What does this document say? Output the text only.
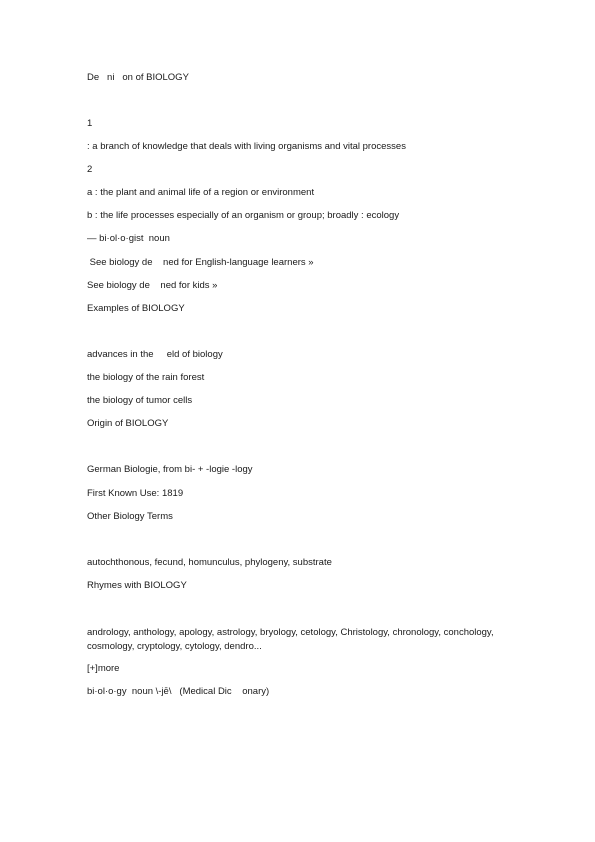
De   ni   on of BIOLOGY
1
: a branch of knowledge that deals with living organisms and vital processes
2
a : the plant and animal life of a region or environment
b : the life processes especially of an organism or group; broadly : ecology
— bi·ol·o·gist  noun
See biology de    ned for English-language learners »
See biology de    ned for kids »
Examples of BIOLOGY
advances in the     eld of biology
the biology of the rain forest
the biology of tumor cells
Origin of BIOLOGY
German Biologie, from bi- + -logie -logy
First Known Use: 1819
Other Biology Terms
autochthonous, fecund, homunculus, phylogeny, substrate
Rhymes with BIOLOGY
andrology, anthology, apology, astrology, bryology, cetology, Christology, chronology, conchology, cosmology, cryptology, cytology, dendro...
[+]more
bi·ol·o·gy  noun \-jē\   (Medical Dic    onary)
